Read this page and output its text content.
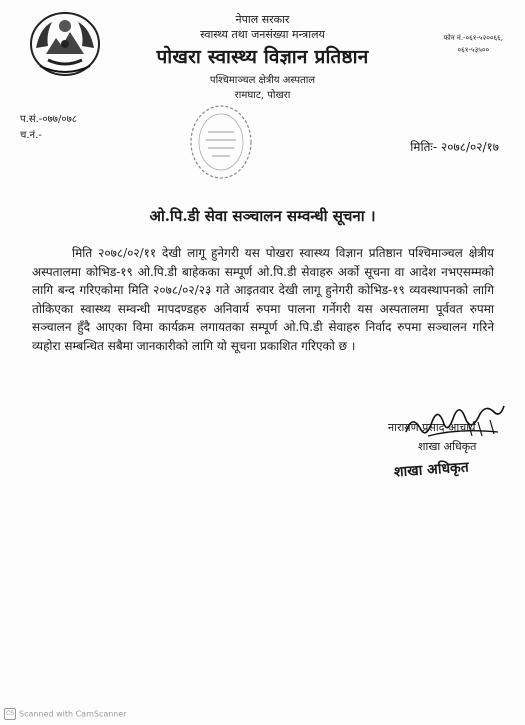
नेपाल सरकार
स्वास्थ्य तथा जनसंख्या मन्त्रालय
पोखरा स्वास्थ्य विज्ञान प्रतिष्ठान
पश्चिमाञ्चल क्षेत्रीय अस्पताल
रामघाट, पोखरा
फोन नं.-०६१-५२००६६,
०६१-५३५००
प.सं.-०७७/०७८
च.नं.-
मितिः- २०७८/०२/१७
ओ.पि.डी सेवा सञ्चालन सम्वन्धी सूचना ।
मिति २०७८/०२/११ देखी लागू हुनेगरी यस पोखरा स्वास्थ्य विज्ञान प्रतिष्ठान पश्चिमाञ्चल क्षेत्रीय अस्पतालमा कोभिड-१९ ओ.पि.डी बाहेकका सम्पूर्ण ओ.पि.डी सेवाहरु अर्को सूचना वा आदेश नभएसम्मको लागि बन्द गरिएकोमा मिति २०७८/०२/२३ गते आइतवार देखी लागू हुनेगरी कोभिड-१९ व्यवस्थापनको लागि तोकिएका स्वास्थ्य सम्वन्धी मापदण्डहरु अनिवार्य रुपमा पालना गर्नेगरी यस अस्पतालमा पूर्ववत रुपमा सञ्चालन हुँदै आएका विमा कार्यक्रम लगायतका सम्पूर्ण ओ.पि.डी सेवाहरु निर्वाद रुपमा सञ्चालन गरिने व्यहोरा सम्बन्धित सबैमा जानकारीको लागि यो सूचना प्रकाशित गरिएको छ ।
नारायण प्रसाद आचार्य
शाखा अधिकृत
शाखा अधिकृत
CS Scanned with CamScanner
